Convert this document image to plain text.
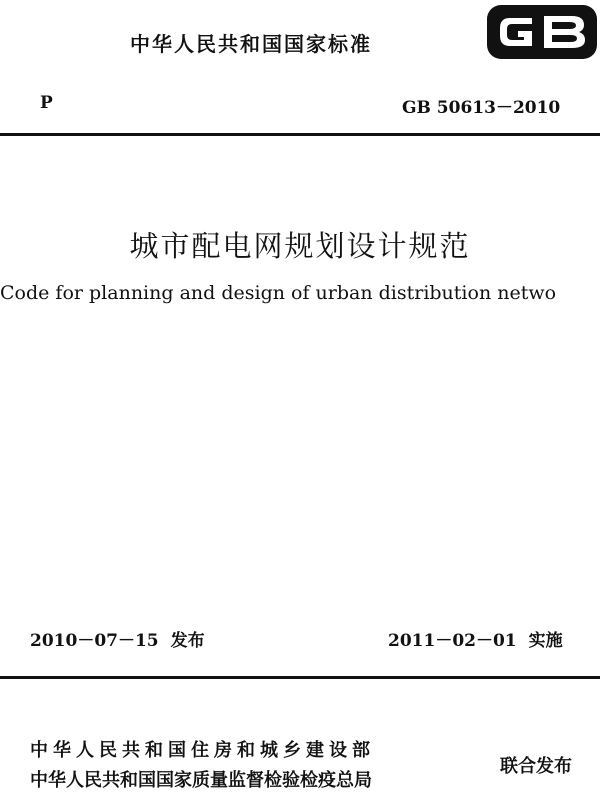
中华人民共和国国家标准
P	GB 50613－2010
城市配电网规划设计规范
Code for planning and design of urban distribution netwo
2010－07－15 发布	2011－02－01 实施
中华人民共和国住房和城乡建设部
中华人民共和国国家质量监督检验检疫总局
联合发布
